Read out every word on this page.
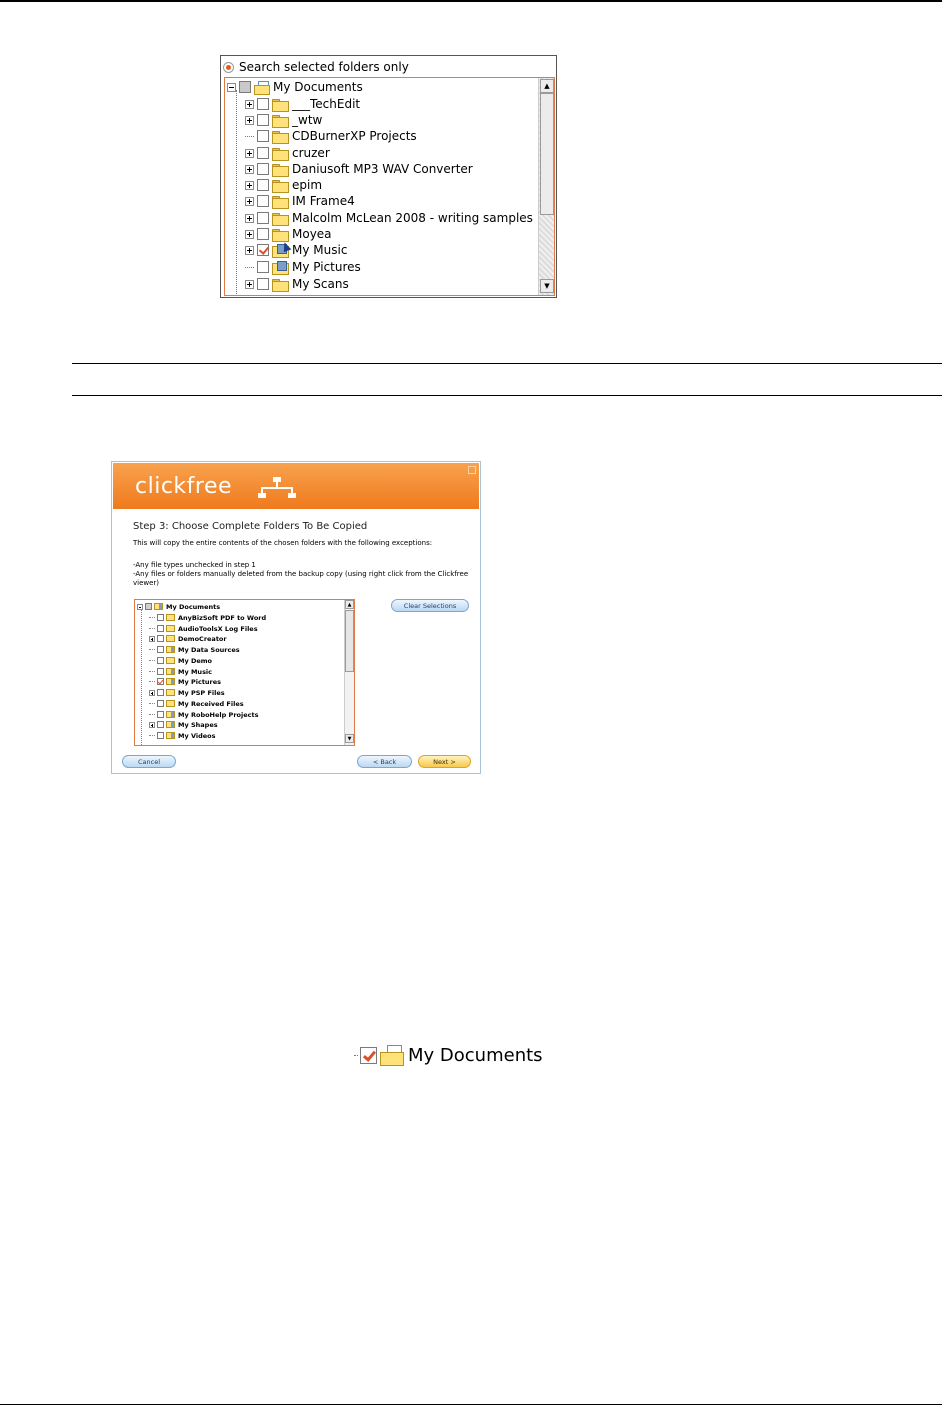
Search selected folders only
My Documents
___TechEdit
_wtw
CDBurnerXP Projects
cruzer
Daniusoft MP3 WAV Converter
epim
IM Frame4
Malcolm McLean 2008 - writing samples
Moyea
My Music
My Pictures
My Scans
▲
▼
clickfree
Step 3: Choose Complete Folders To Be Copied
This will copy the entire contents of the chosen folders with the following exceptions:
-Any file types unchecked in step 1
-Any files or folders manually deleted from the backup copy (using right click from the Clickfree viewer)
My Documents
AnyBizSoft PDF to Word
AudioToolsX Log Files
DemoCreator
My Data Sources
My Demo
My Music
My Pictures
My PSP Files
My Received Files
My RoboHelp Projects
My Shapes
My Videos
▲
▼
Clear Selections
Cancel	< Back	Next >
My Documents
